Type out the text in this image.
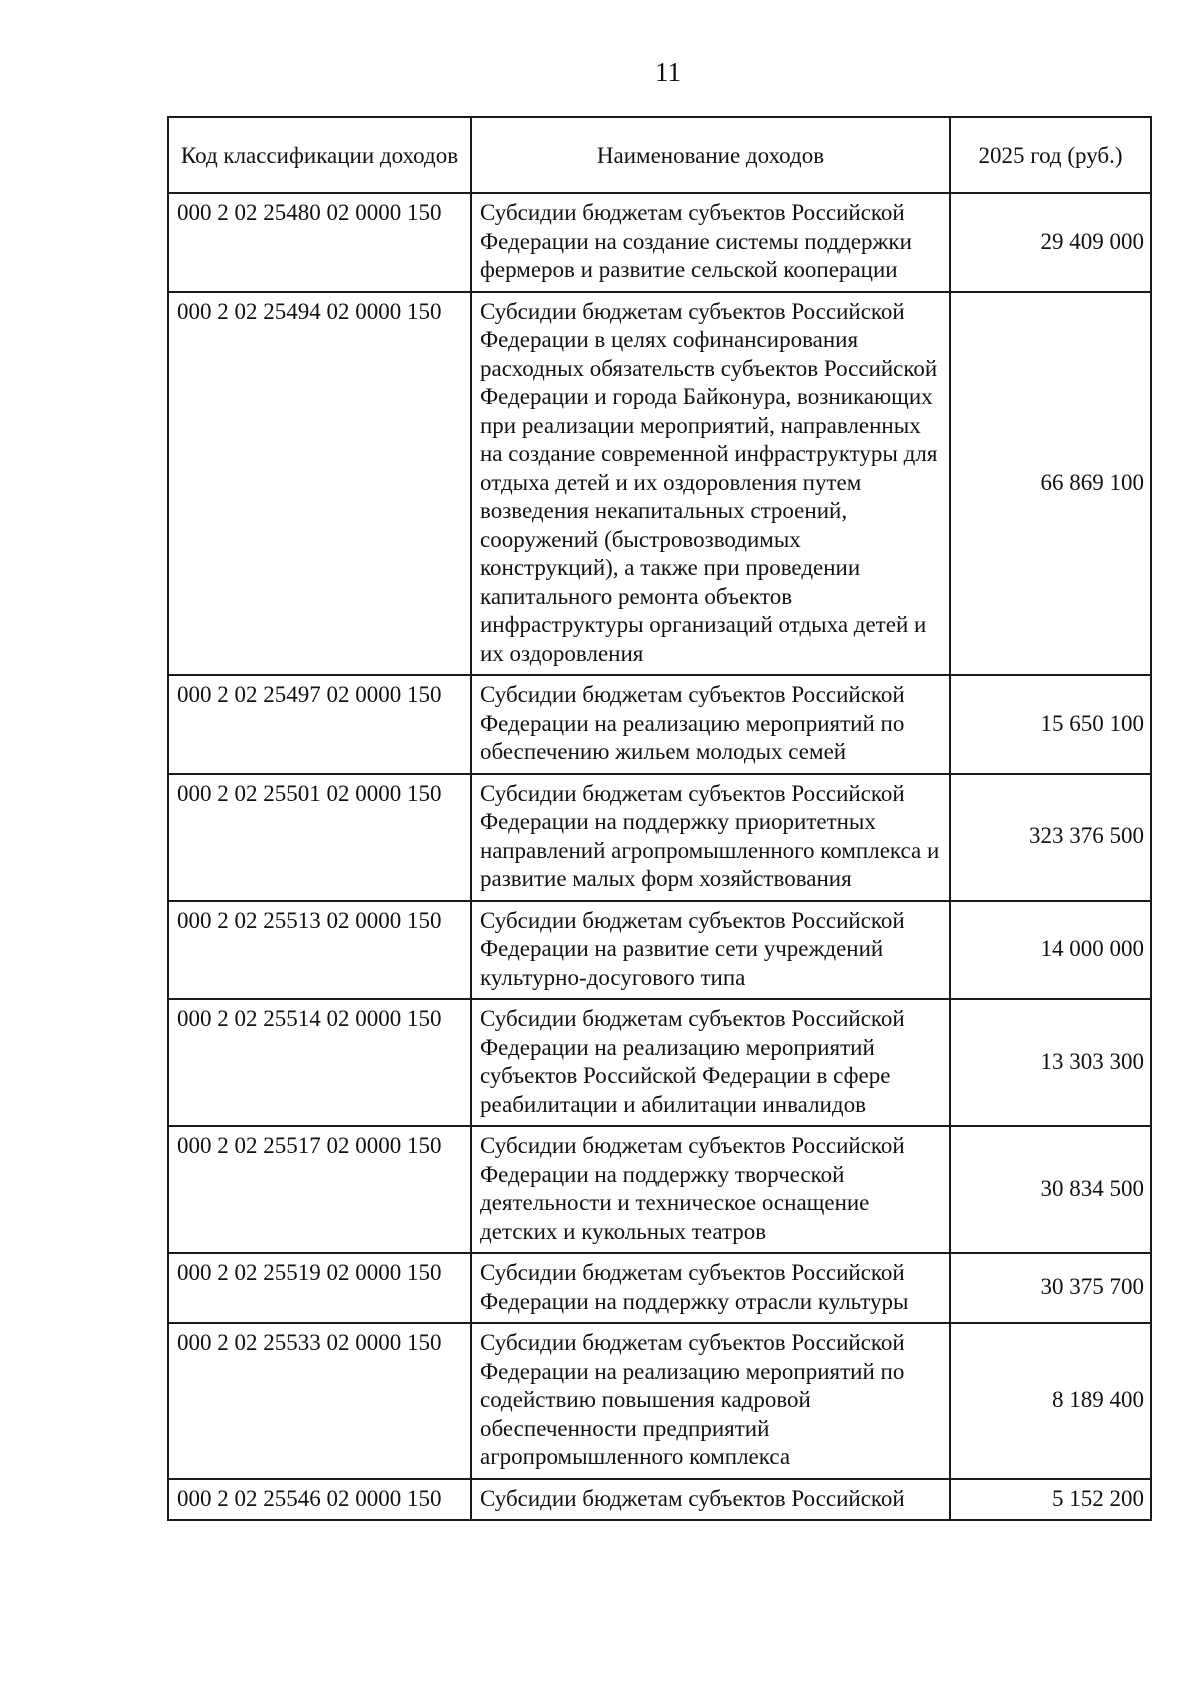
11
Код классификации доходов	Наименование доходов	2025 год (руб.)
000 2 02 25480 02 0000 150	Субсидии бюджетам субъектов Российской Федерации на создание системы поддержки фермеров и развитие сельской кооперации	29 409 000
000 2 02 25494 02 0000 150	Субсидии бюджетам субъектов Российской Федерации в целях софинансирования расходных обязательств субъектов Российской Федерации и города Байконура, возникающих при реализации мероприятий, направленных на создание современной инфраструктуры для отдыха детей и их оздоровления путем возведения некапитальных строений, сооружений (быстровозводимых конструкций), а также при проведении капитального ремонта объектов инфраструктуры организаций отдыха детей и их оздоровления	66 869 100
000 2 02 25497 02 0000 150	Субсидии бюджетам субъектов Российской Федерации на реализацию мероприятий по обеспечению жильем молодых семей	15 650 100
000 2 02 25501 02 0000 150	Субсидии бюджетам субъектов Российской Федерации на поддержку приоритетных направлений агропромышленного комплекса и развитие малых форм хозяйствования	323 376 500
000 2 02 25513 02 0000 150	Субсидии бюджетам субъектов Российской Федерации на развитие сети учреждений культурно-досугового типа	14 000 000
000 2 02 25514 02 0000 150	Субсидии бюджетам субъектов Российской Федерации на реализацию мероприятий субъектов Российской Федерации в сфере реабилитации и абилитации инвалидов	13 303 300
000 2 02 25517 02 0000 150	Субсидии бюджетам субъектов Российской Федерации на поддержку творческой деятельности и техническое оснащение детских и кукольных театров	30 834 500
000 2 02 25519 02 0000 150	Субсидии бюджетам субъектов Российской Федерации на поддержку отрасли культуры	30 375 700
000 2 02 25533 02 0000 150	Субсидии бюджетам субъектов Российской Федерации на реализацию мероприятий по содействию повышения кадровой обеспеченности предприятий агропромышленного комплекса	8 189 400
000 2 02 25546 02 0000 150	Субсидии бюджетам субъектов Российской	5 152 200
